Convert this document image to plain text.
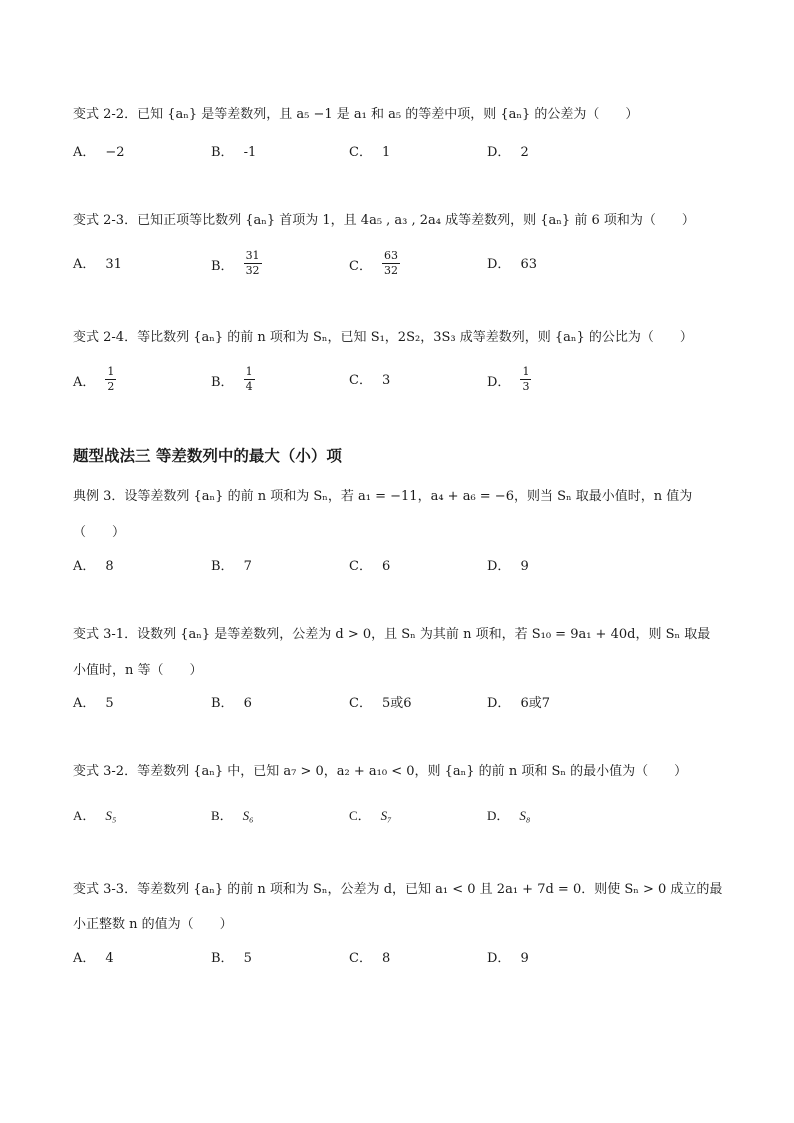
变式 2-2．已知 {aₙ} 是等差数列，且 a₅ −1 是 a₁ 和 a₅ 的等差中项，则 {aₙ} 的公差为（　　）
A． −2	B． -1	C． 1	D． 2
变式 2-3．已知正项等比数列 {aₙ} 首项为 1，且 4a₅ , a₃ , 2a₄ 成等差数列，则 {aₙ} 前 6 项和为（　　）
A． 31	B． $\frac{31}{32}$	C． $\frac{63}{32}$	D． 63
变式 2-4．等比数列 {aₙ} 的前 n 项和为 Sₙ，已知 S₁，2S₂，3S₃ 成等差数列，则 {aₙ} 的公比为（　　）
A． $\frac{1}{2}$	B． $\frac{1}{4}$	C． 3	D． $\frac{1}{3}$
题型战法三 等差数列中的最大（小）项
典例 3．设等差数列 {aₙ} 的前 n 项和为 Sₙ，若 a₁ = −11，a₄ + a₆ = −6，则当 Sₙ 取最小值时，n 值为
（　　）
A． 8	B． 7	C． 6	D． 9
变式 3-1．设数列 {aₙ} 是等差数列，公差为 d > 0，且 Sₙ 为其前 n 项和，若 S₁₀ = 9a₁ + 40d，则 Sₙ 取最
小值时，n 等（　　）
A． 5	B． 6	C． 5或6	D． 6或7
变式 3-2．等差数列 {aₙ} 中，已知 a₇ > 0，a₂ + a₁₀ < 0，则 {aₙ} 的前 n 项和 Sₙ 的最小值为（　　）
A． S₅	B． S₆	C． S₇	D． S₈
变式 3-3．等差数列 {aₙ} 的前 n 项和为 Sₙ，公差为 d，已知 a₁ < 0 且 2a₁ + 7d = 0．则使 Sₙ > 0 成立的最
小正整数 n 的值为（　　）
A． 4	B． 5	C． 8	D． 9
